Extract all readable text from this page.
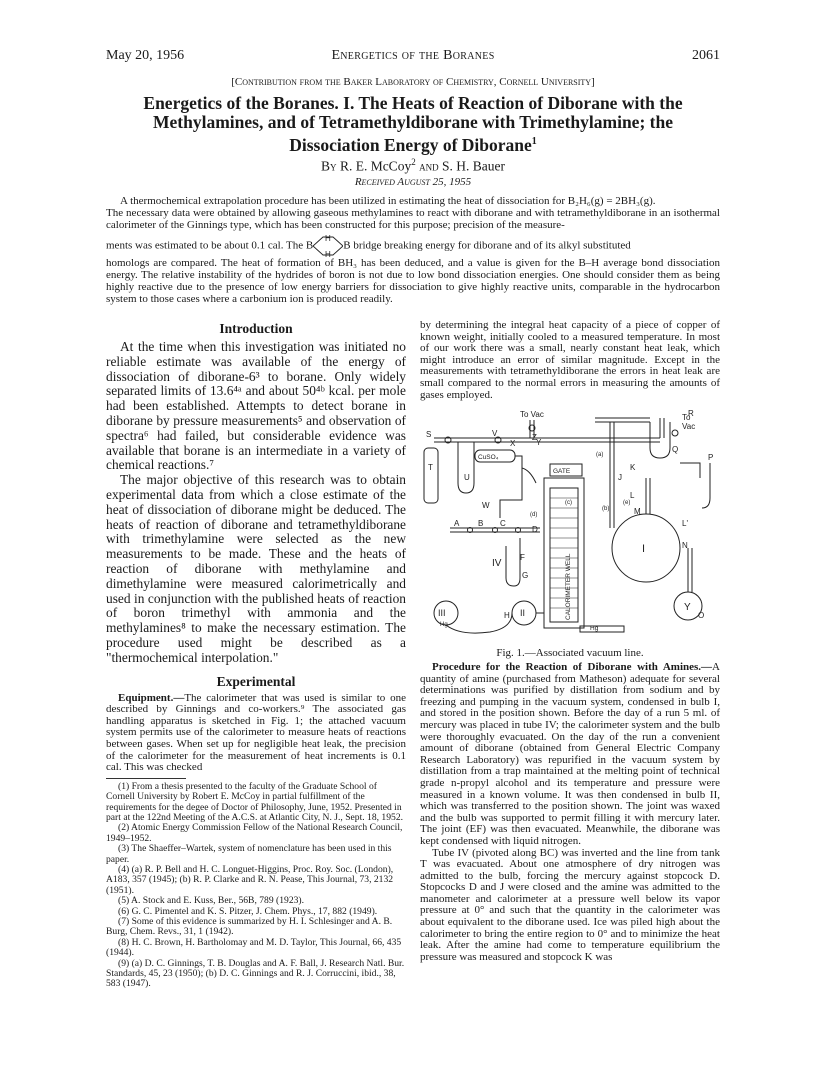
May 20, 1956	Energetics of the Boranes	2061
[Contribution from the Baker Laboratory of Chemistry, Cornell University]
Energetics of the Boranes. I. The Heats of Reaction of Diborane with the Methylamines, and of Tetramethyldiborane with Trimethylamine; the Dissociation Energy of Diborane$^1$
By R. E. McCoy$^2$ and S. H. Bauer
Received August 25, 1955

A thermochemical extrapolation procedure has been utilized in estimating the heat of dissociation for B₂H₆(g) = 2BH₃(g).

The necessary data were obtained by allowing gaseous methylamines to react with diborane and with tetramethyldiborane in an isothermal calorimeter of the Ginnings type, which has been constructed for this purpose; precision of the measure-

ments was estimated to be about 0.1 cal. The B
H
H
B bridge breaking energy for diborane and of its alkyl substituted

homologs are compared. The heat of formation of BH₃ has been deduced, and a value is given for the B–H average bond dissociation energy. The relative instability of the hydrides of boron is not due to low bond dissociation energies. One should consider them as being highly reactive due to the presence of low energy barriers for dissociation to give highly reactive units, comparable in the hydrocarbon system to those cases where a carbonium ion is produced readily.

Introduction

At the time when this investigation was initiated no reliable estimate was available of the energy of dissociation of diborane-6³ to borane. Only widely separated limits of 13.6⁴ᵃ and about 50⁴ᵇ kcal. per mole had been established. Attempts to detect borane in diborane by pressure measurements⁵ and observation of spectra⁶ had failed, but considerable evidence was available that borane is an intermediate in a variety of chemical reactions.⁷

The major objective of this research was to obtain experimental data from which a close estimate of the heat of dissociation of diborane might be deduced. The heats of reaction of diborane and tetramethyldiborane with trimethylamine were selected as the new measurements to be made. These and the heats of reaction of diborane with methylamine and dimethylamine were measured calorimetrically and used in conjunction with the published heats of reaction of boron trimethyl with ammonia and the methylamines⁸ to make the necessary estimation. The procedure used might be described as a "thermochemical interpolation."

Experimental

Equipment.—The calorimeter that was used is similar to one described by Ginnings and co-workers.⁹ The associated gas handling apparatus is sketched in Fig. 1; the attached vacuum system permits use of the calorimeter to measure heats of reactions between gases. When set up for negligible heat leak, the precision of the calorimeter for the measurement of heat increments is 0.1 cal. This was checked

(1) From a thesis presented to the faculty of the Graduate School of Cornell University by Robert E. McCoy in partial fulfillment of the requirements for the degee of Doctor of Philosophy, June, 1952. Presented in part at the 122nd Meeting of the A.C.S. at Atlantic City, N. J., Sept. 18, 1952.

(2) Atomic Energy Commission Fellow of the National Research Council, 1949–1952.

(3) The Shaeffer–Wartek, system of nomenclature has been used in this paper.

(4) (a) R. P. Bell and H. C. Longuet-Higgins, Proc. Roy. Soc. (London), A183, 357 (1945); (b) R. P. Clarke and R. N. Pease, This Journal, 73, 2132 (1951).

(5) A. Stock and E. Kuss, Ber., 56B, 789 (1923).

(6) G. C. Pimentel and K. S. Pitzer, J. Chem. Phys., 17, 882 (1949).

(7) Some of this evidence is summarized by H. I. Schlesinger and A. B. Burg, Chem. Revs., 31, 1 (1942).

(8) H. C. Brown, H. Bartholomay and M. D. Taylor, This Journal, 66, 435 (1944).

(9) (a) D. C. Ginnings, T. B. Douglas and A. F. Ball, J. Research Natl. Bur. Standards, 45, 23 (1950); (b) D. C. Ginnings and R. J. Corruccini, ibid., 38, 583 (1947).

by determining the integral heat capacity of a piece of copper of known weight, initially cooled to a measured temperature. In most of our work there was a small, nearly constant heat leak, which might introduce an error of similar magnitude. Except in the measurements with tetramethyldiborane the errors in heat leak are small compared to the normal errors in measuring the amounts of gases employed.

To Vac	To
Vac
CuSO₄
GATE
Hg
CALORIMETER WELL
S	V	Z
Y
X
T
U
W	(c)
(d)
(b)
(e)
(a)
Q
R
P
K
L
M
L'
N
O
J
A B C
D
IV
F
G
H II
III
Hg
I
Y
Fig. 1.—Associated vacuum line.

Procedure for the Reaction of Diborane with Amines.—A quantity of amine (purchased from Matheson) adequate for several determinations was purified by distillation from sodium and by freezing and pumping in the vacuum system, condensed in bulb I, and stored in the position shown. Before the day of a run 5 ml. of mercury was placed in tube IV; the calorimeter system and the bulb were thoroughly evacuated. On the day of the run a convenient amount of diborane (obtained from General Electric Company Research Laboratory) was repurified in the vacuum system by distillation from a trap maintained at the melting point of technical grade n-propyl alcohol and its temperature and pressure were measured in a known volume. It was then condensed in bulb II, which was transferred to the position shown. The joint was waxed and the bulb was supported to permit filling it with mercury later. The joint (EF) was then evacuated. Meanwhile, the diborane was kept condensed with liquid nitrogen.

Tube IV (pivoted along BC) was inverted and the line from tank T was evacuated. About one atmosphere of dry nitrogen was admitted to the bulb, forcing the mercury against stopcock D. Stopcocks D and J were closed and the amine was admitted to the manometer and calorimeter at a pressure well below its vapor pressure at 0° and such that the quantity in the calorimeter was about equivalent to the diborane used. Ice was piled high about the calorimeter to bring the entire region to 0° and to minimize the heat leak. After the amine had come to temperature equilibrium the pressure was measured and stopcock K was
